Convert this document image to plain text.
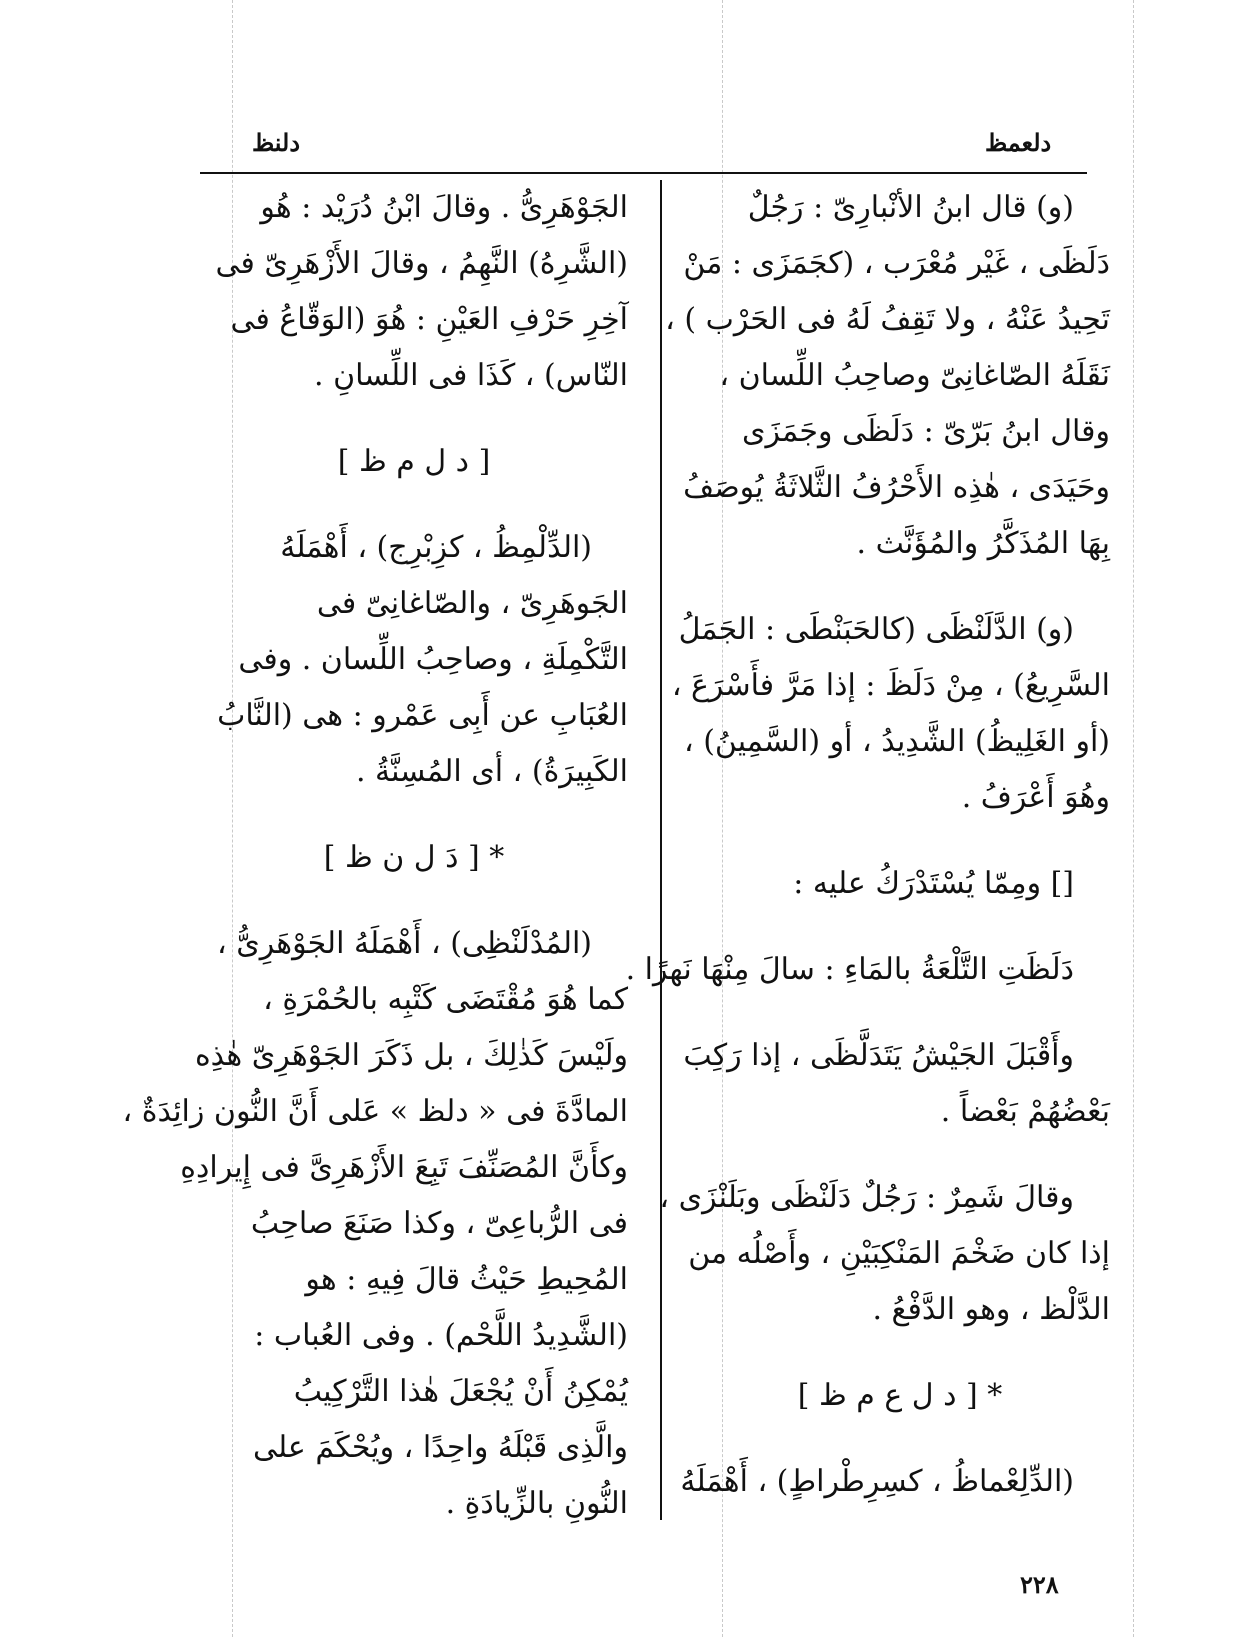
دلعمظ
دلنظ
(و) قال ابنُ الأنْبارِىّ : رَجُلٌ
دَلَظَى ، غَيْر مُعْرَب ، (كجَمَزَى : مَنْ
تَحِيدُ عَنْهُ ، ولا تَقِفُ لَهُ فى الحَرْب ) ،
نَقَلَهُ الصّاغانِىّ وصاحِبُ اللِّسان ،
وقال ابنُ بَرّىّ : دَلَظَى وجَمَزَى
وحَيَدَى ، هٰذِه الأَحْرُفُ الثَّلاثَةُ يُوصَفُ
بِهَا المُذَكَّرُ والمُؤَنَّث .
(و) الدَّلَنْظَى (كالحَبَنْطَى : الجَمَلُ
السَّرِيعُ) ، مِنْ دَلَظَ : إذا مَرَّ فأَسْرَعَ ،
(أو الغَلِيظُ) الشَّدِيدُ ، أو (السَّمِينُ) ،
وهُوَ أَعْرَفُ .
[] ومِمّا يُسْتَدْرَكُ عليه :
دَلَظَتِ التَّلْعَةُ بالمَاءِ : سالَ مِنْهَا نَهرًا .
وأَقْبَلَ الجَيْشُ يَتَدَلَّظَى ، إذا رَكِبَ
بَعْضُهُمْ بَعْضاً .
وقالَ شَمِرٌ : رَجُلٌ دَلَنْظَى وبَلَنْزَى ،
إذا كان ضَخْمَ المَنْكِبَيْنِ ، وأَصْلُه من
الدَّلْظ ، وهو الدَّفْعُ .
* [ د ل ع م ظ ]
(الدِّلِعْماظُ ، كسِرِطْراطٍ) ، أَهْمَلَهُ
الجَوْهَرِىُّ . وقالَ ابْنُ دُرَيْد : هُو
(الشَّرِهُ) النَّهِمُ ، وقالَ الأَزْهَرِىّ فى
آخِرِ حَرْفِ العَيْنِ : هُوَ (الوَقّاعُ فى
النّاس) ، كَذَا فى اللِّسانِ .
[ د ل م ظ ]
(الدِّلْمِظُ ، كزِبْرِج) ، أَهْمَلَهُ
الجَوهَرِىّ ، والصّاغانِىّ فى
التَّكْمِلَةِ ، وصاحِبُ اللِّسان . وفى
العُبَابِ عن أَبِى عَمْرو : هى (النَّابُ
الكَبِيرَةُ) ، أى المُسِنَّةُ .
* [ دَ ل ن ظ ]
(المُدْلَنْظِى) ، أَهْمَلَهُ الجَوْهَرِىُّ ،
كما هُوَ مُقْتَضَى كَتْبِه بالحُمْرَةِ ،
ولَيْسَ كَذٰلِكَ ، بل ذَكَرَ الجَوْهَرِىّ هٰذِه
المادَّةَ فى « دلظ » عَلى أَنَّ النُّون زائِدَةٌ ،
وكأَنَّ المُصَنِّفَ تَبِعَ الأَزْهَرِىَّ فى إِيرادِهِ
فى الرُّباعِىّ ، وكذا صَنَعَ صاحِبُ
المُحِيطِ حَيْثُ قالَ فِيهِ : هو
(الشَّدِيدُ اللَّحْم) . وفى العُباب :
يُمْكِنُ أَنْ يُجْعَلَ هٰذا التَّرْكِيبُ
والَّذِى قَبْلَهُ واحِدًا ، ويُحْكَمَ على
النُّونِ بالزِّيادَةِ .
٢٢٨
